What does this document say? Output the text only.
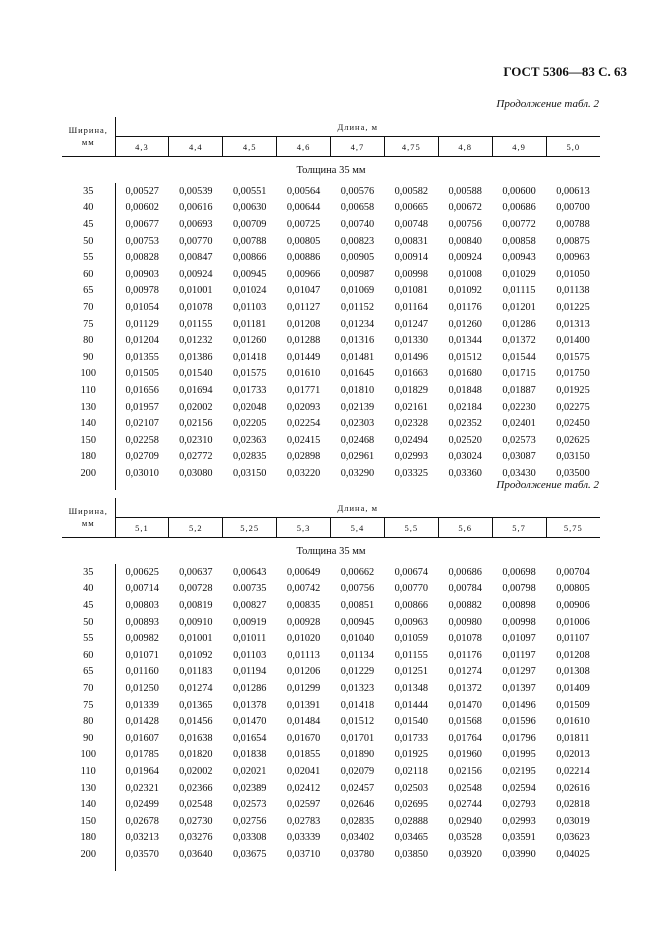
ГОСТ 5306—83 С. 63
Продолжение табл. 2
Ширина,
мм	Длина, м								
	4,3	4,4	4,5	4,6	4,7	4,75	4,8	4,9	5,0
Толщина 35 мм									
35	0,00527	0,00539	0,00551	0,00564	0,00576	0,00582	0,00588	0,00600	0,00613
40	0,00602	0,00616	0,00630	0,00644	0,00658	0,00665	0,00672	0,00686	0,00700
45	0,00677	0,00693	0,00709	0,00725	0,00740	0,00748	0,00756	0,00772	0,00788
50	0,00753	0,00770	0,00788	0,00805	0,00823	0,00831	0,00840	0,00858	0,00875
55	0,00828	0,00847	0,00866	0,00886	0,00905	0,00914	0,00924	0,00943	0,00963
60	0,00903	0,00924	0,00945	0,00966	0,00987	0,00998	0,01008	0,01029	0,01050
65	0,00978	0,01001	0,01024	0,01047	0,01069	0,01081	0,01092	0,01115	0,01138
70	0,01054	0,01078	0,01103	0,01127	0,01152	0,01164	0,01176	0,01201	0,01225
75	0,01129	0,01155	0,01181	0,01208	0,01234	0,01247	0,01260	0,01286	0,01313
80	0,01204	0,01232	0,01260	0,01288	0,01316	0,01330	0,01344	0,01372	0,01400
90	0,01355	0,01386	0,01418	0,01449	0,01481	0,01496	0,01512	0,01544	0,01575
100	0,01505	0,01540	0,01575	0,01610	0,01645	0,01663	0,01680	0,01715	0,01750
110	0,01656	0,01694	0,01733	0,01771	0,01810	0,01829	0,01848	0,01887	0,01925
130	0,01957	0,02002	0,02048	0,02093	0,02139	0,02161	0,02184	0,02230	0,02275
140	0,02107	0,02156	0,02205	0,02254	0,02303	0,02328	0,02352	0,02401	0,02450
150	0,02258	0,02310	0,02363	0,02415	0,02468	0,02494	0,02520	0,02573	0,02625
180	0,02709	0,02772	0,02835	0,02898	0,02961	0,02993	0,03024	0,03087	0,03150
200	0,03010	0,03080	0,03150	0,03220	0,03290	0,03325	0,03360	0,03430	0,03500

Продолжение табл. 2
Ширина,
мм	Длина, м								
	5,1	5,2	5,25	5,3	5,4	5,5	5,6	5,7	5,75
Толщина 35 мм									
35	0,00625	0,00637	0,00643	0,00649	0,00662	0,00674	0,00686	0,00698	0,00704
40	0,00714	0,00728	0.00735	0,00742	0,00756	0,00770	0,00784	0,00798	0,00805
45	0,00803	0,00819	0,00827	0,00835	0,00851	0,00866	0,00882	0,00898	0,00906
50	0,00893	0,00910	0,00919	0,00928	0,00945	0,00963	0,00980	0,00998	0,01006
55	0,00982	0,01001	0,01011	0,01020	0,01040	0,01059	0,01078	0,01097	0,01107
60	0,01071	0,01092	0,01103	0,01113	0,01134	0,01155	0,01176	0,01197	0,01208
65	0,01160	0,01183	0,01194	0,01206	0,01229	0,01251	0,01274	0,01297	0,01308
70	0,01250	0,01274	0,01286	0,01299	0,01323	0,01348	0,01372	0,01397	0,01409
75	0,01339	0,01365	0,01378	0,01391	0,01418	0,01444	0,01470	0,01496	0,01509
80	0,01428	0,01456	0,01470	0,01484	0,01512	0,01540	0,01568	0,01596	0,01610
90	0,01607	0,01638	0,01654	0,01670	0,01701	0,01733	0,01764	0,01796	0,01811
100	0,01785	0,01820	0,01838	0,01855	0,01890	0,01925	0,01960	0,01995	0,02013
110	0,01964	0,02002	0,02021	0,02041	0,02079	0,02118	0,02156	0,02195	0,02214
130	0,02321	0,02366	0,02389	0,02412	0,02457	0,02503	0,02548	0,02594	0,02616
140	0,02499	0,02548	0,02573	0,02597	0,02646	0,02695	0,02744	0,02793	0,02818
150	0,02678	0,02730	0,02756	0,02783	0,02835	0,02888	0,02940	0,02993	0,03019
180	0,03213	0,03276	0,03308	0,03339	0,03402	0,03465	0,03528	0,03591	0,03623
200	0,03570	0,03640	0,03675	0,03710	0,03780	0,03850	0,03920	0,03990	0,04025
